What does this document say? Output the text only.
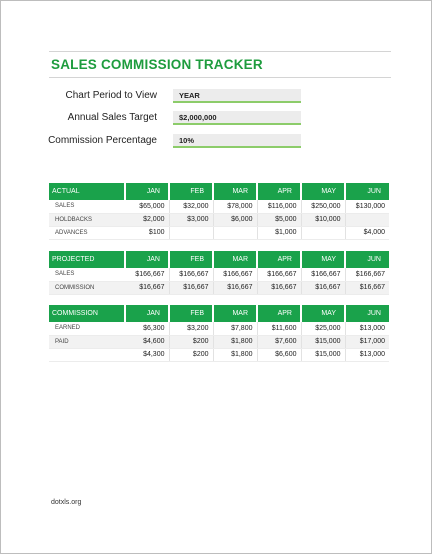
SALES COMMISSION TRACKER
Chart Period to View	YEAR
Annual Sales Target	$2,000,000
Commission Percentage	10%
ACTUAL	JAN	FEB	MAR	APR	MAY	JUN
SALES	$65,000	$32,000	$78,000	$116,000	$250,000	$130,000
HOLDBACKS	$2,000	$3,000	$6,000	$5,000	$10,000	
ADVANCES	$100			$1,000		$4,000
PROJECTED	JAN	FEB	MAR	APR	MAY	JUN
SALES	$166,667	$166,667	$166,667	$166,667	$166,667	$166,667
COMMISSION	$16,667	$16,667	$16,667	$16,667	$16,667	$16,667
COMMISSION	JAN	FEB	MAR	APR	MAY	JUN
EARNED	$6,300	$3,200	$7,800	$11,600	$25,000	$13,000
PAID	$4,600	$200	$1,800	$7,600	$15,000	$17,000
	$4,300	$200	$1,800	$6,600	$15,000	$13,000
dotxls.org
